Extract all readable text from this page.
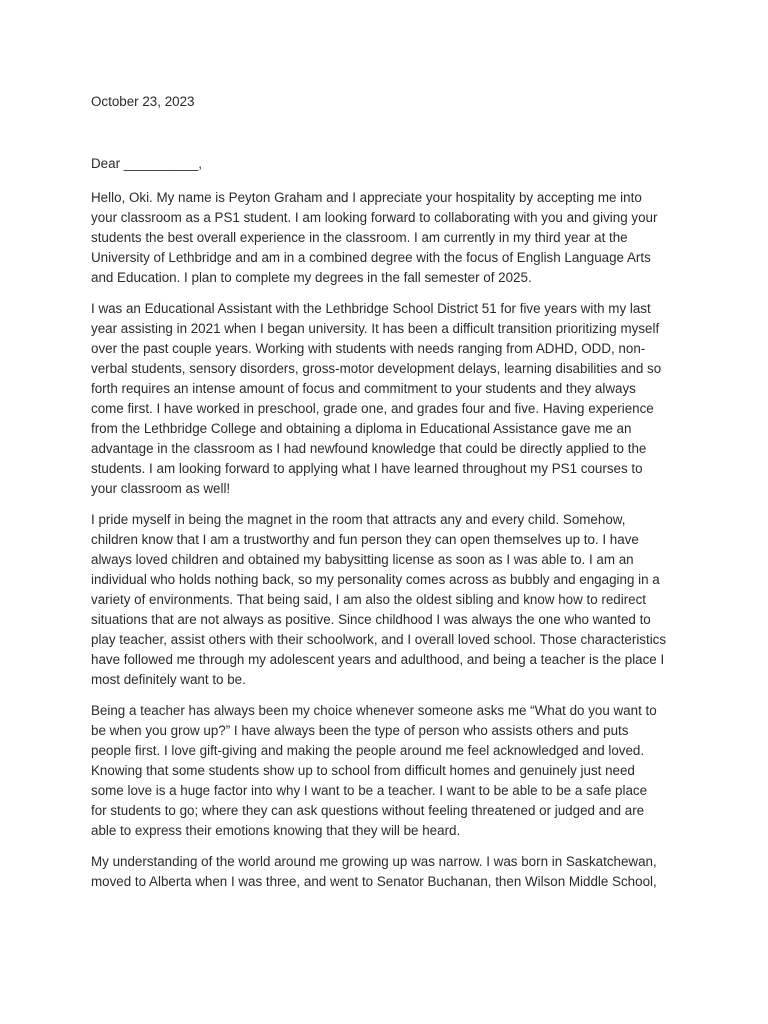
October 23, 2023
Dear __________,
Hello, Oki. My name is Peyton Graham and I appreciate your hospitality by accepting me into
your classroom as a PS1 student. I am looking forward to collaborating with you and giving your
students the best overall experience in the classroom. I am currently in my third year at the
University of Lethbridge and am in a combined degree with the focus of English Language Arts
and Education. I plan to complete my degrees in the fall semester of 2025.
I was an Educational Assistant with the Lethbridge School District 51 for five years with my last
year assisting in 2021 when I began university. It has been a difficult transition prioritizing myself
over the past couple years. Working with students with needs ranging from ADHD, ODD, non-
verbal students, sensory disorders, gross-motor development delays, learning disabilities and so
forth requires an intense amount of focus and commitment to your students and they always
come first. I have worked in preschool, grade one, and grades four and five. Having experience
from the Lethbridge College and obtaining a diploma in Educational Assistance gave me an
advantage in the classroom as I had newfound knowledge that could be directly applied to the
students. I am looking forward to applying what I have learned throughout my PS1 courses to
your classroom as well!
I pride myself in being the magnet in the room that attracts any and every child. Somehow,
children know that I am a trustworthy and fun person they can open themselves up to. I have
always loved children and obtained my babysitting license as soon as I was able to. I am an
individual who holds nothing back, so my personality comes across as bubbly and engaging in a
variety of environments. That being said, I am also the oldest sibling and know how to redirect
situations that are not always as positive. Since childhood I was always the one who wanted to
play teacher, assist others with their schoolwork, and I overall loved school. Those characteristics
have followed me through my adolescent years and adulthood, and being a teacher is the place I
most definitely want to be.
Being a teacher has always been my choice whenever someone asks me “What do you want to
be when you grow up?” I have always been the type of person who assists others and puts
people first. I love gift-giving and making the people around me feel acknowledged and loved.
Knowing that some students show up to school from difficult homes and genuinely just need
some love is a huge factor into why I want to be a teacher. I want to be able to be a safe place
for students to go; where they can ask questions without feeling threatened or judged and are
able to express their emotions knowing that they will be heard.
My understanding of the world around me growing up was narrow. I was born in Saskatchewan,
moved to Alberta when I was three, and went to Senator Buchanan, then Wilson Middle School,
